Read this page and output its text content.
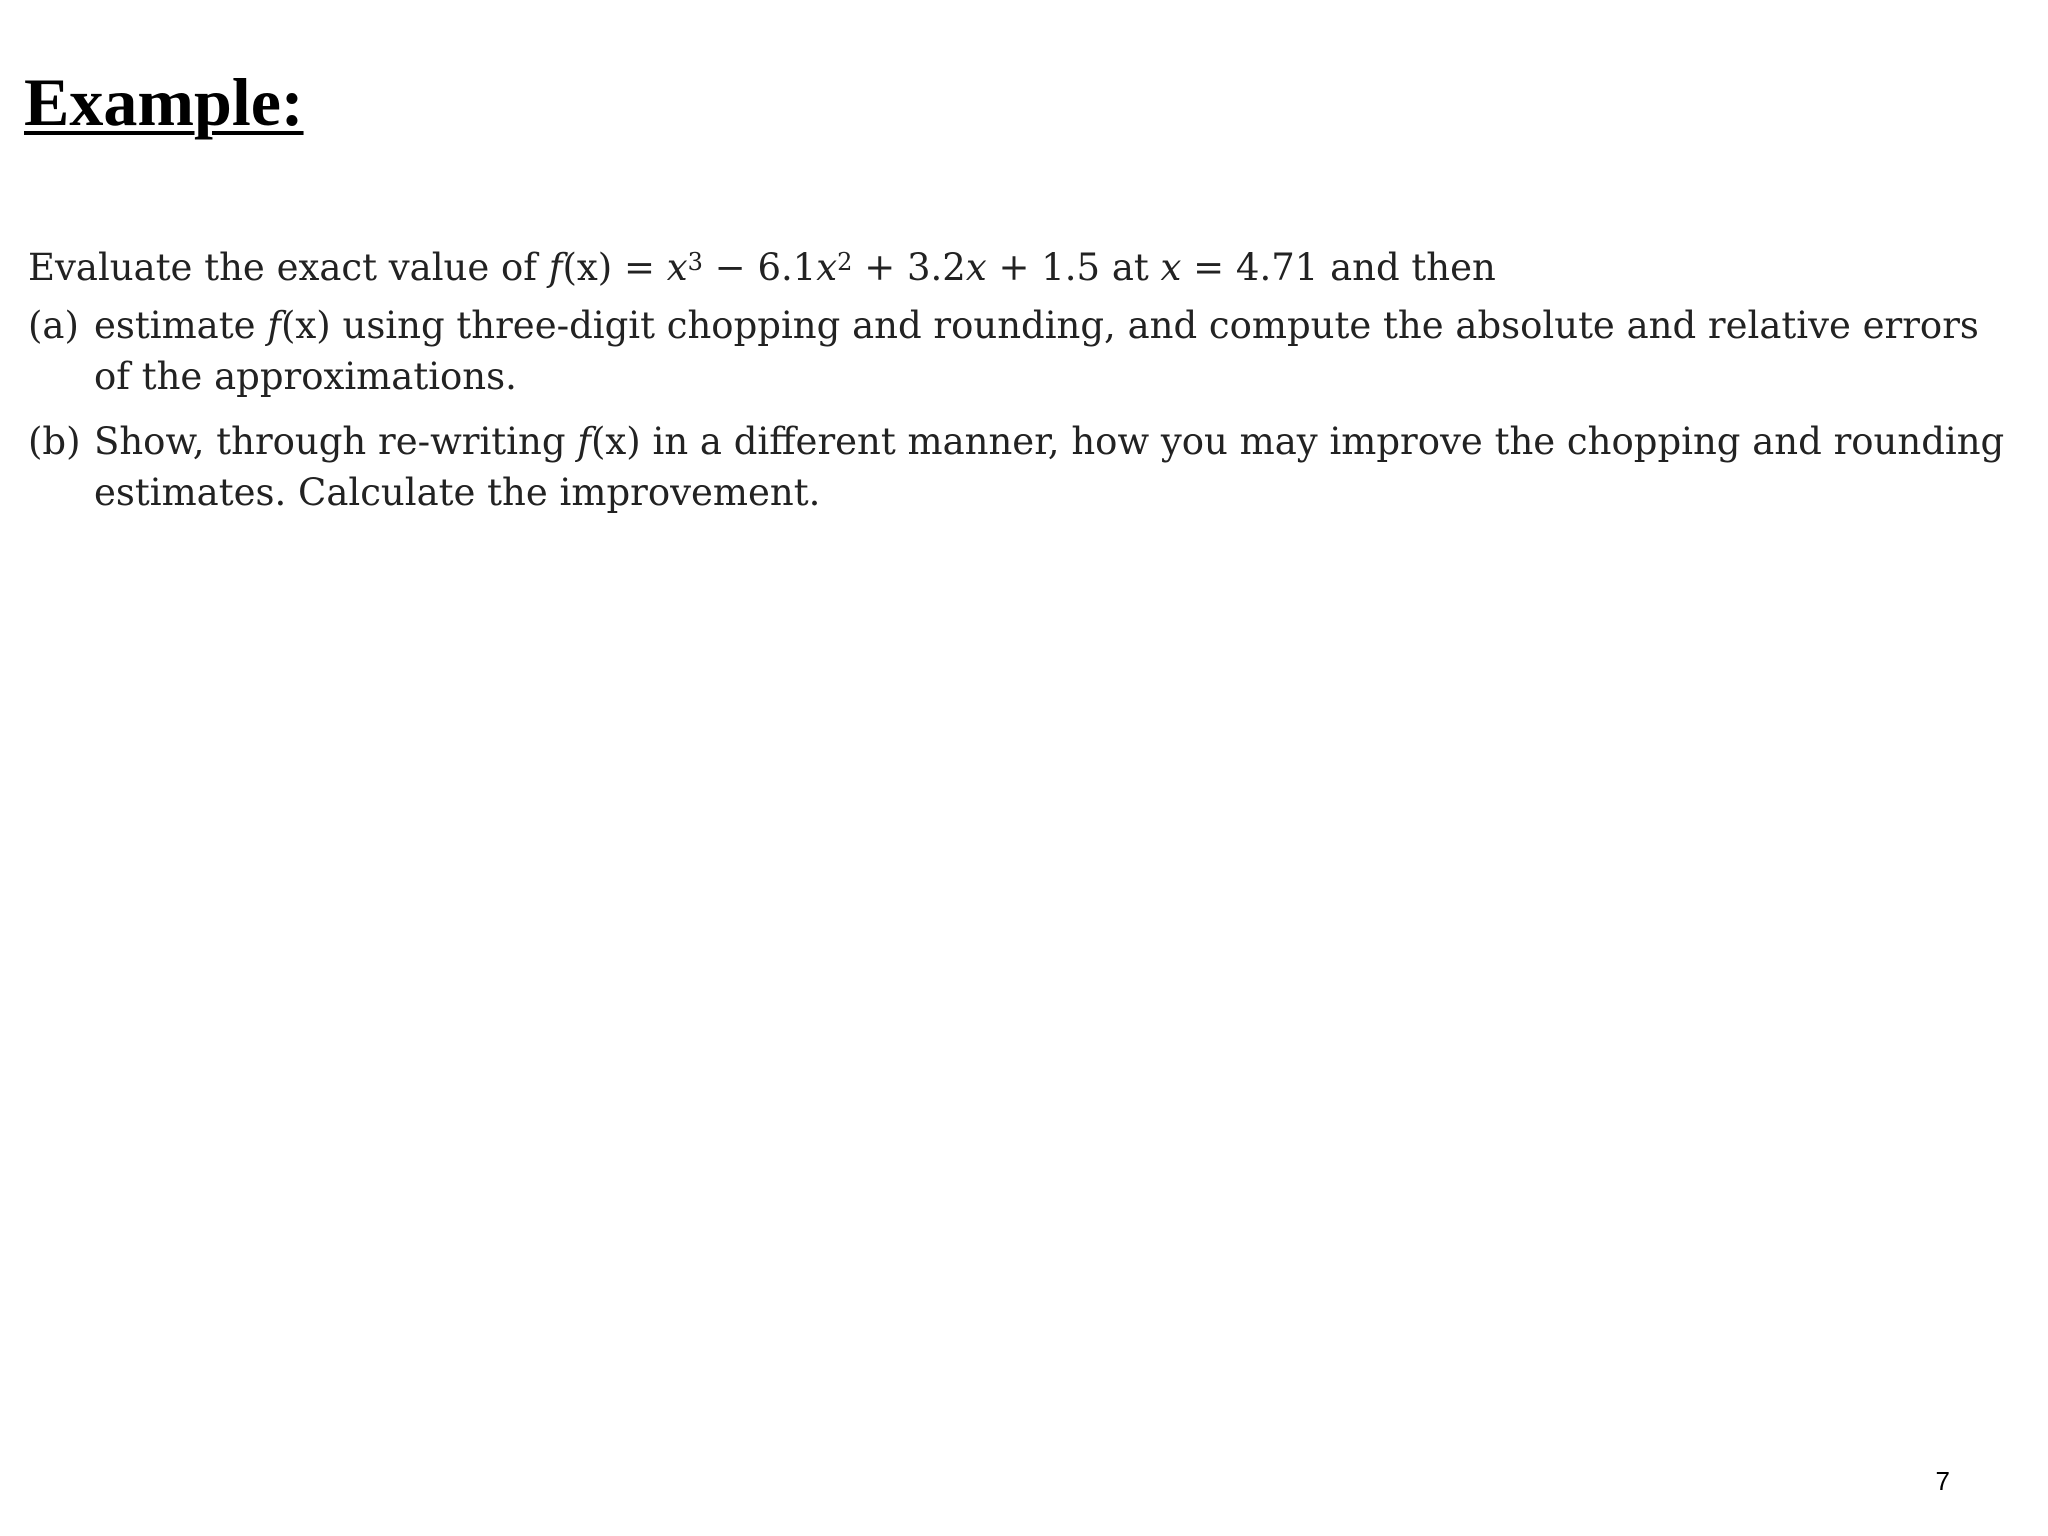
Example:
Evaluate the exact value of $f(x) = x^3 - 6.1x^2 + 3.2x + 1.5$ at x = 4.71 and then
(a) estimate f(x) using three-digit chopping and rounding, and compute the absolute and relative errors of the approximations.
(b) Show, through re-writing f(x) in a different manner, how you may improve the chopping and rounding estimates. Calculate the improvement.
7
